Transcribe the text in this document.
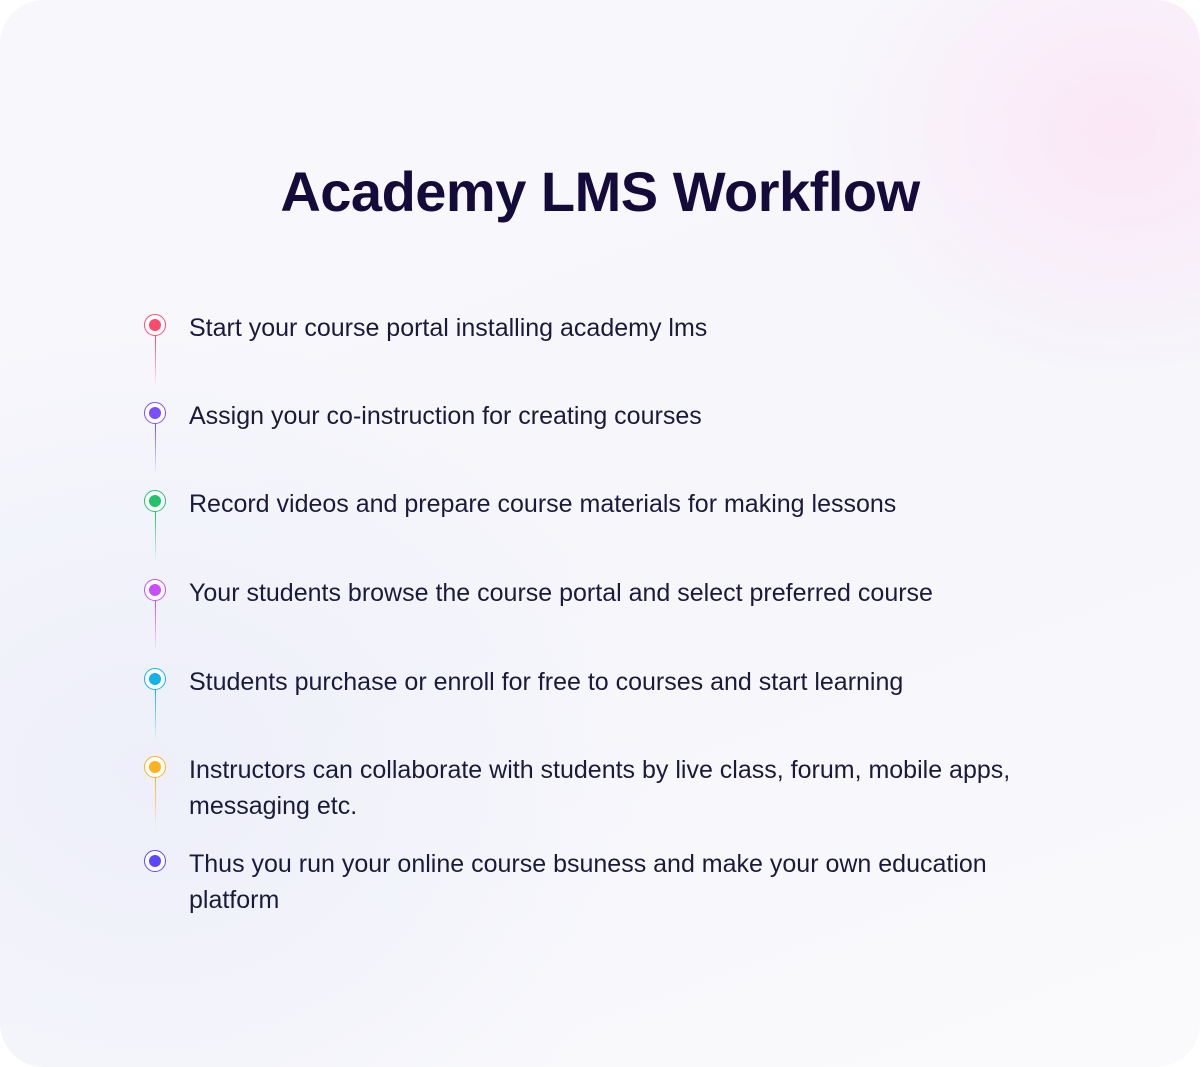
Academy LMS Workflow
Start your course portal installing academy lms
Assign your co-instruction for creating courses
Record videos and prepare course materials for making lessons
Your students browse the course portal and select preferred course
Students purchase or enroll for free to courses and start learning
Instructors can collaborate with students by live class, forum, mobile apps, messaging etc.
Thus you run your online course bsuness and make your own education platform
